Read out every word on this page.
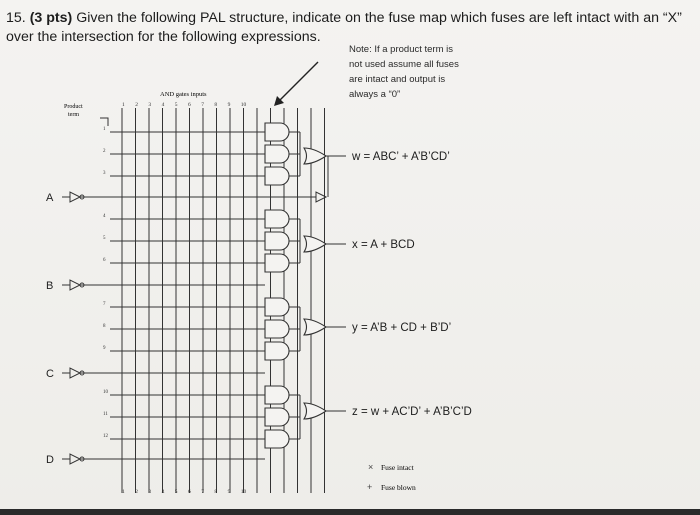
15. (3 pts) Given the following PAL structure, indicate on the fuse map which fuses are left intact with an “X” over the intersection for the following expressions.
Note: If a product term is
not used assume all fuses
are intact and output is
always a “0”
AND gates inputs
Product
term
1
1
2
2
3
3
4
4
5
5
6
6
7
7
8
8
9
9
10
10
1
2
3
4
5
6
7
8
9
10
11
12
A
B
C
D
w = ABC’ + A’B’CD’
x = A + BCD
y = A’B + CD + B’D’
z = w + AC’D’ + A’B’C’D
× Fuse intact
+ Fuse blown
